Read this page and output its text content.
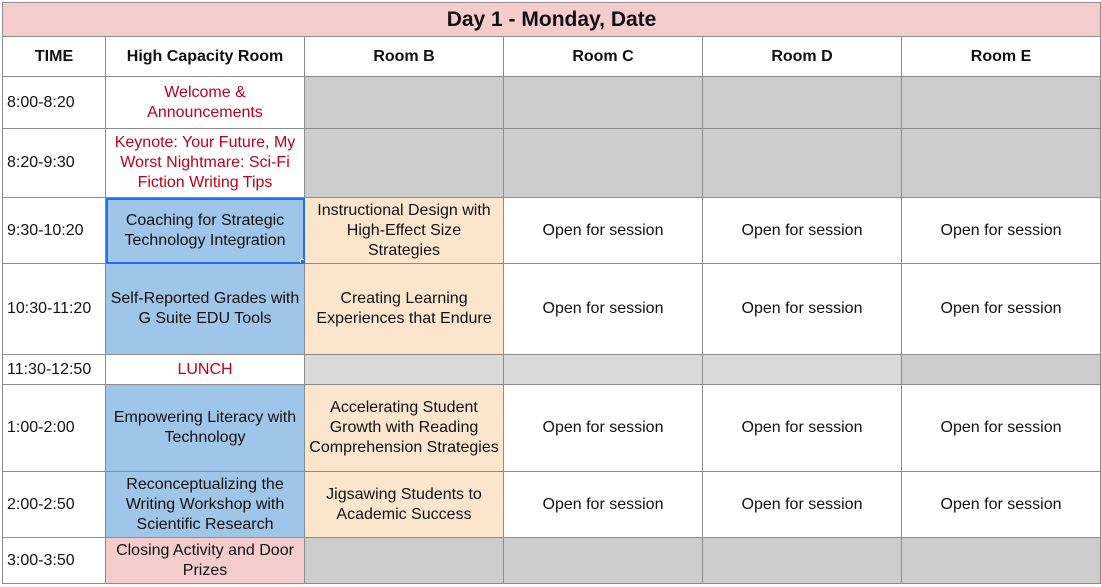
Day 1 - Monday, Date					
TIME	High Capacity Room	Room B	Room C	Room D	Room E
8:00-8:20	Welcome & Announcements				
8:20-9:30	Keynote: Your Future, My Worst Nightmare: Sci-Fi Fiction Writing Tips				
9:30-10:20	Coaching for Strategic Technology Integration	Instructional Design with High-Effect Size Strategies	Open for session	Open for session	Open for session
10:30-11:20	Self-Reported Grades with G Suite EDU Tools	Creating Learning Experiences that Endure	Open for session	Open for session	Open for session
11:30-12:50	LUNCH				
1:00-2:00	Empowering Literacy with Technology	Accelerating Student Growth with Reading Comprehension Strategies	Open for session	Open for session	Open for session
2:00-2:50	Reconceptualizing the Writing Workshop with Scientific Research	Jigsawing Students to Academic Success	Open for session	Open for session	Open for session
3:00-3:50	Closing Activity and Door Prizes				
